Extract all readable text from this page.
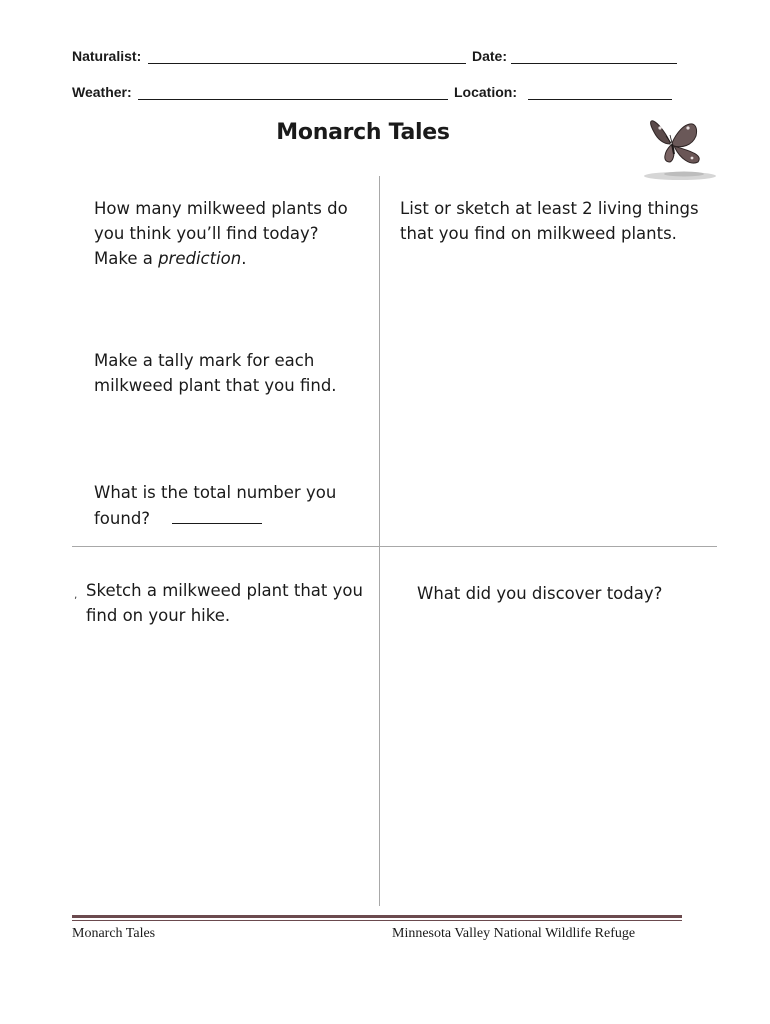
Naturalist:	Date:
Weather:	Location:
Monarch Tales
How many milkweed plants do
you think you’ll find today?
Make a prediction.
List or sketch at least 2 living things
that you find on milkweed plants.
Make a tally mark for each
milkweed plant that you find.
What is the total number you
found?
‚ Sketch a milkweed plant that you
find on your hike.
What did you discover today?
Monarch Tales	Minnesota Valley National Wildlife Refuge
